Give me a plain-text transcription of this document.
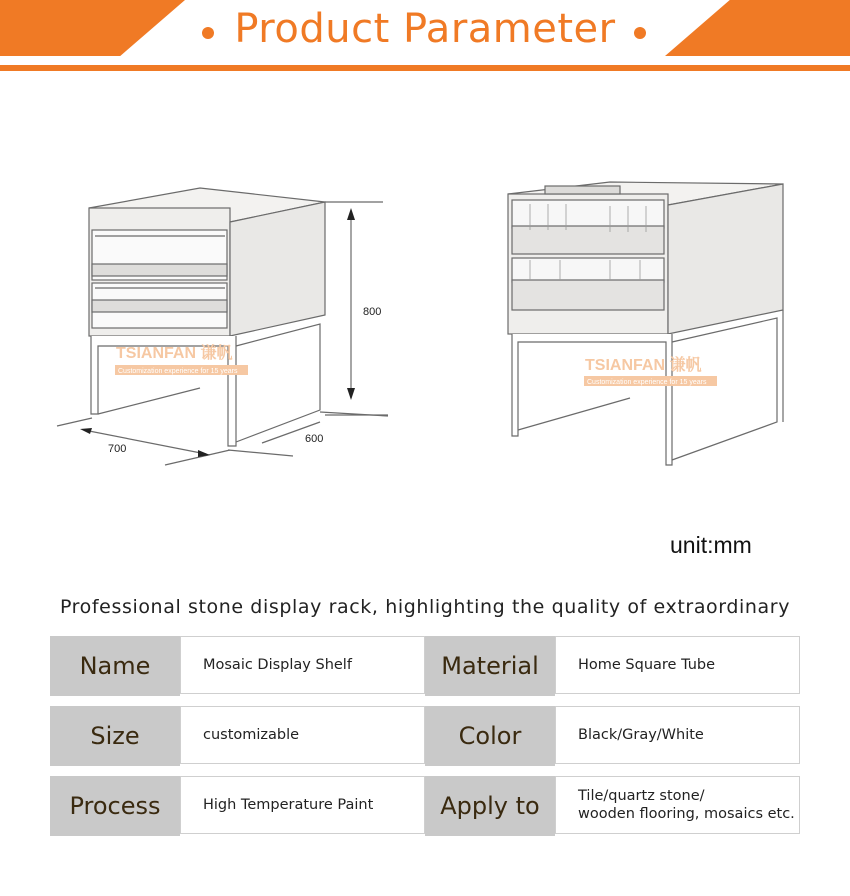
Product Parameter
TSIANFAN 谦帆
Customization experience for 15 years	TSIANFAN 谦帆
Customization experience for 15 years
800
700
600
unit:mm
Professional stone display rack, highlighting the quality of extraordinary
Name	Mosaic Display Shelf	Material	Home Square Tube
Size	customizable	Color	Black/Gray/White
Process	High Temperature Paint	Apply to	Tile/quartz stone/
wooden flooring, mosaics etc.
